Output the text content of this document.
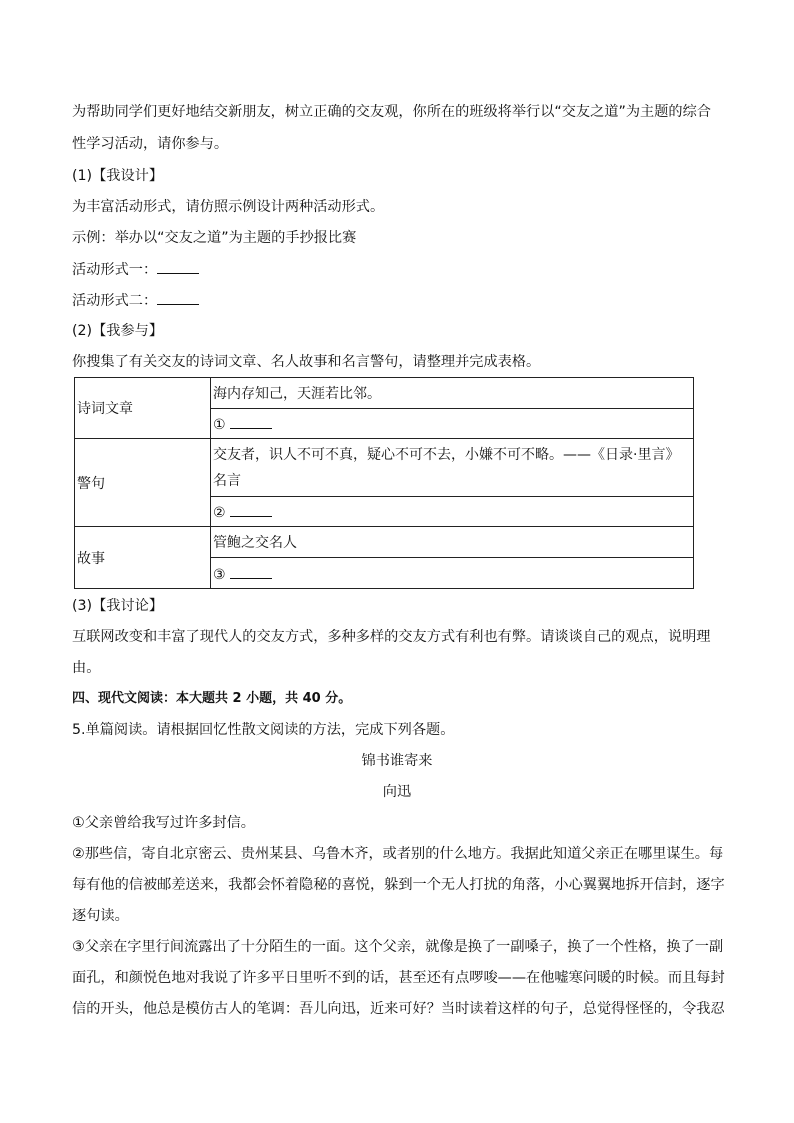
为帮助同学们更好地结交新朋友，树立正确的交友观，你所在的班级将举行以“交友之道”为主题的综合
性学习活动，请你参与。
(1)【我设计】
为丰富活动形式，请仿照示例设计两种活动形式。
示例：举办以“交友之道”为主题的手抄报比赛
活动形式一：
活动形式二：
(2)【我参与】
你搜集了有关交友的诗词文章、名人故事和名言警句，请整理并完成表格。
诗词文章	海内存知己，天涯若比邻。
	①
警句	交友者，识人不可不真，疑心不可不去，小嫌不可不略。——《日录·里言》
名言

	②
故事	管鲍之交名人
	③
(3)【我讨论】
互联网改变和丰富了现代人的交友方式，多种多样的交友方式有利也有弊。请谈谈自己的观点，说明理
由。
四、现代文阅读：本大题共 2 小题，共 40 分。
5.单篇阅读。请根据回忆性散文阅读的方法，完成下列各题。
锦书谁寄来
向迅
①父亲曾给我写过许多封信。
②那些信，寄自北京密云、贵州某县、乌鲁木齐，或者别的什么地方。我据此知道父亲正在哪里谋生。每
每有他的信被邮差送来，我都会怀着隐秘的喜悦，躲到一个无人打扰的角落，小心翼翼地拆开信封，逐字
逐句读。
③父亲在字里行间流露出了十分陌生的一面。这个父亲，就像是换了一副嗓子，换了一个性格，换了一副
面孔，和颜悦色地对我说了许多平日里听不到的话，甚至还有点啰唆——在他嘘寒问暖的时候。而且每封
信的开头，他总是模仿古人的笔调：吾儿向迅，近来可好？当时读着这样的句子，总觉得怪怪的，令我忍
